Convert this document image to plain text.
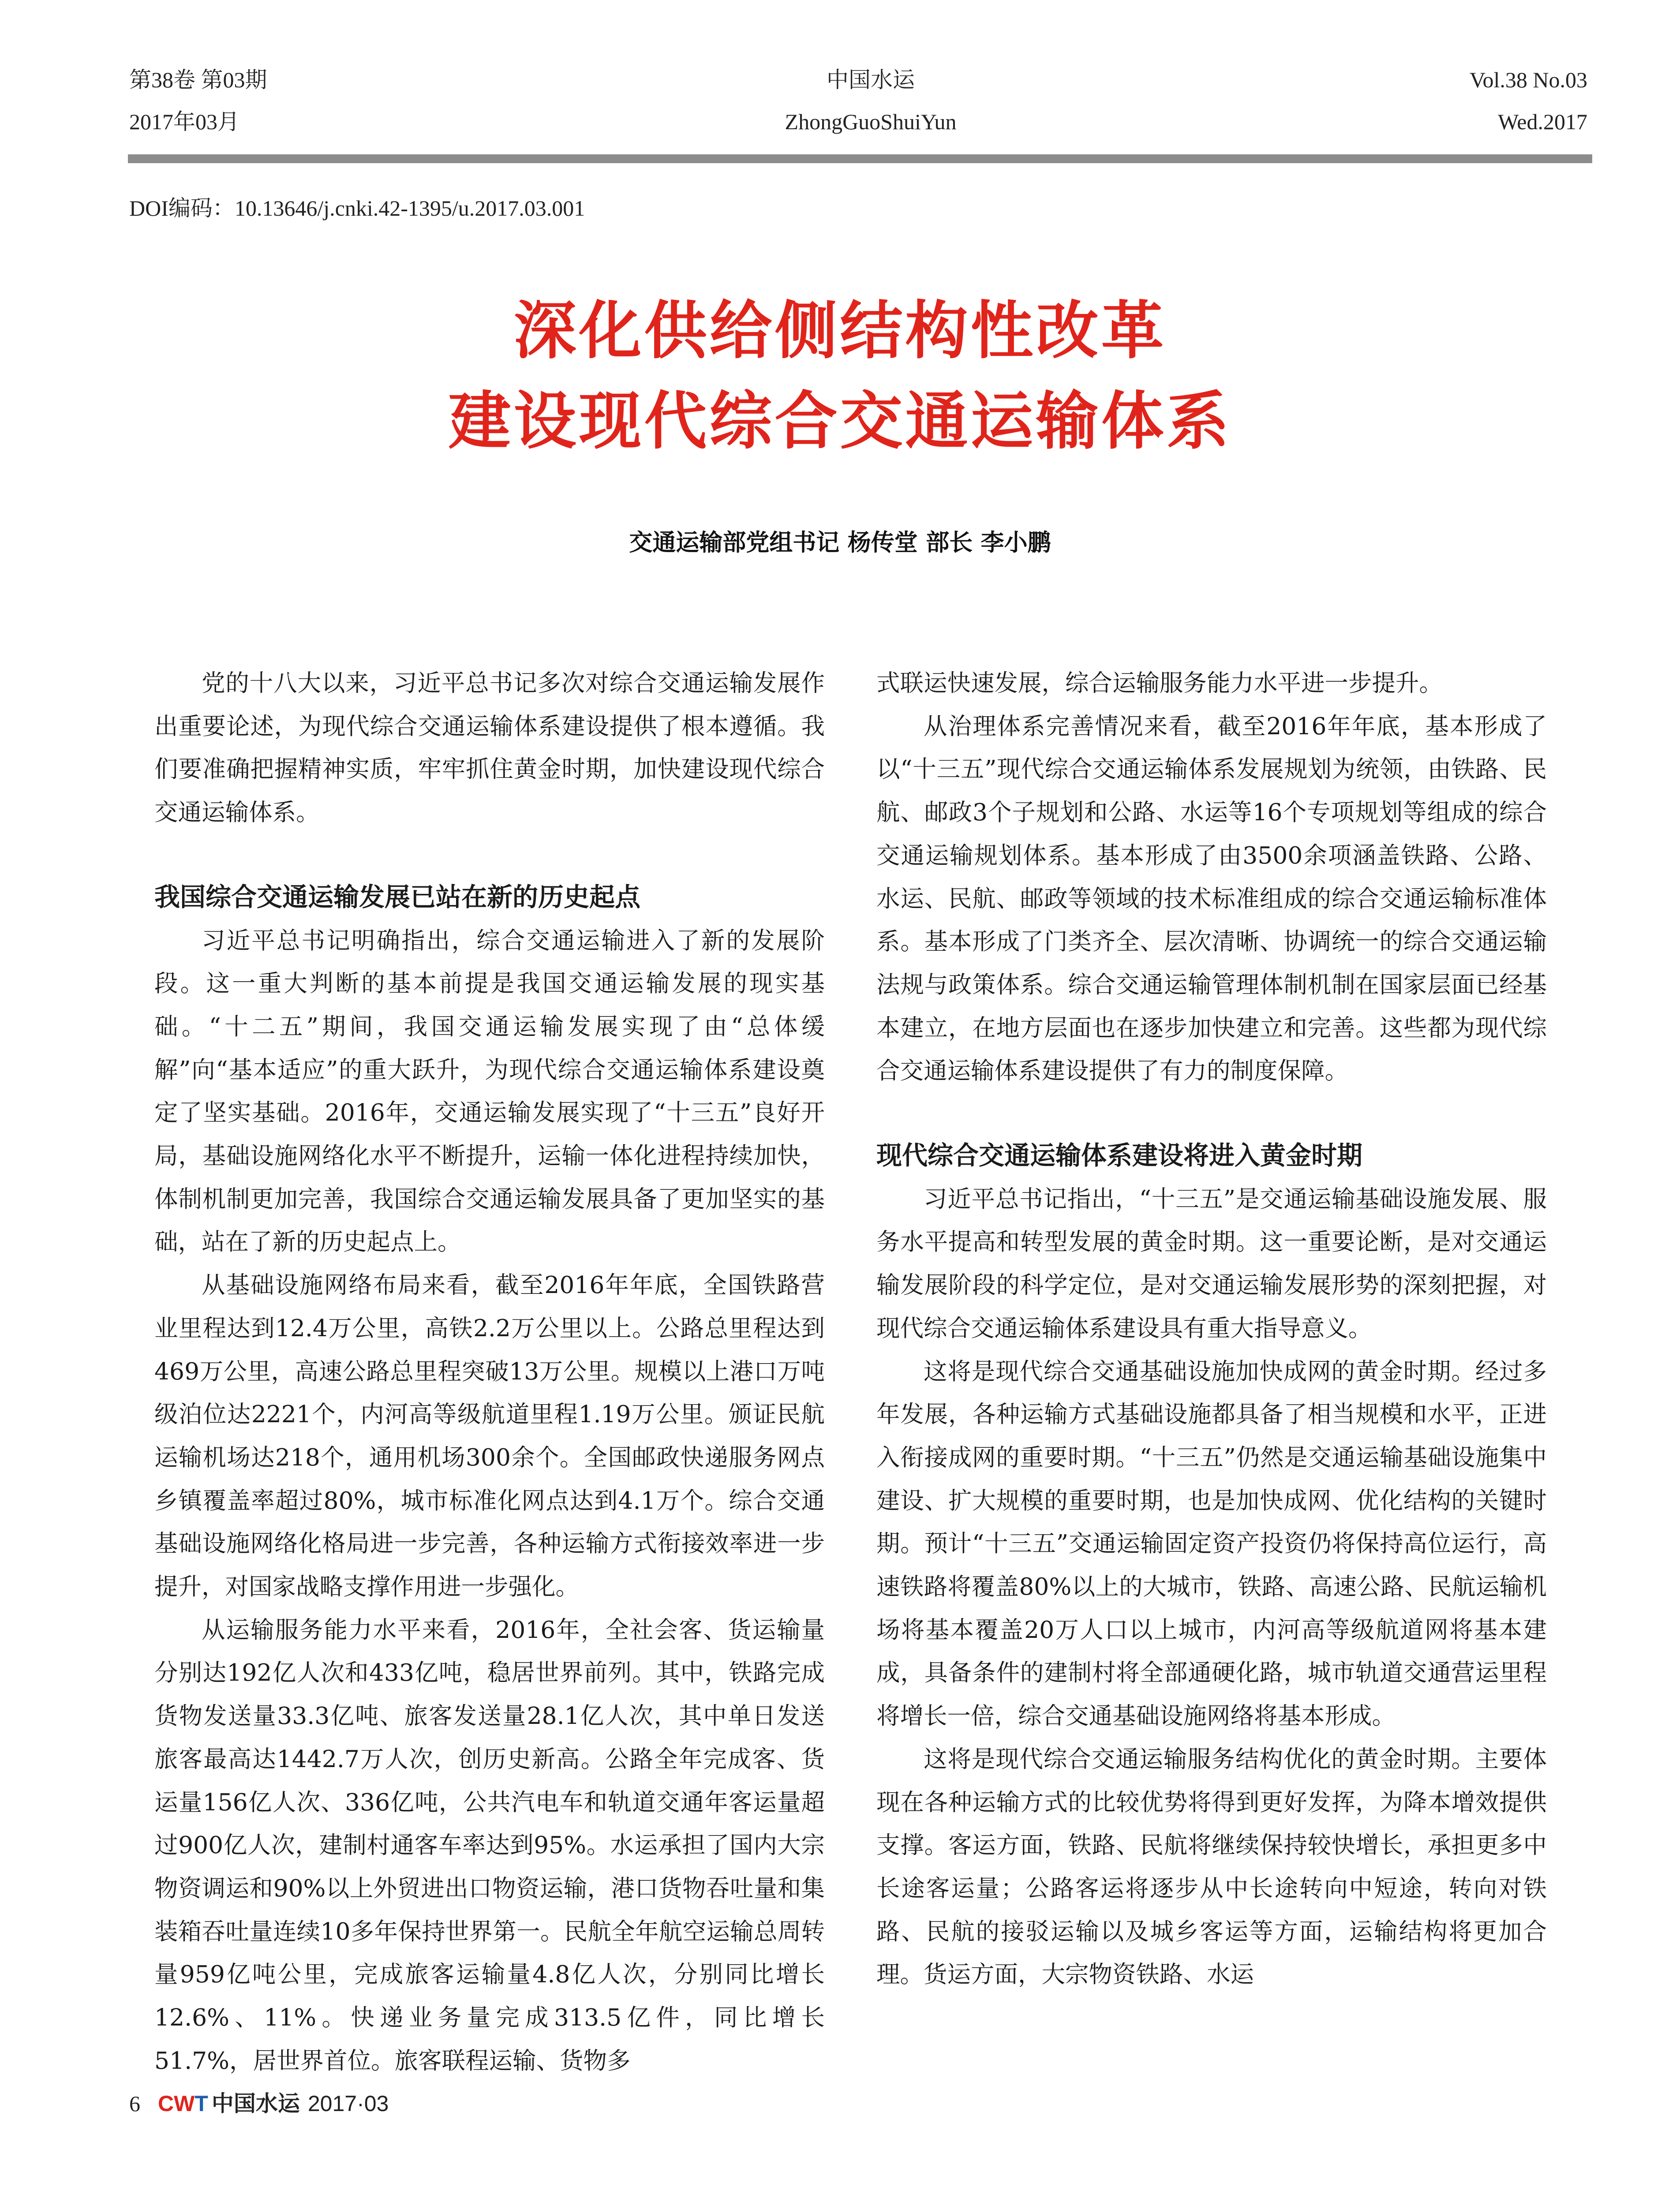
第38卷 第03期
2017年03月
中国水运
ZhongGuoShuiYun
Vol.38 No.03
Wed.2017
DOI编码：10.13646/j.cnki.42-1395/u.2017.03.001
深化供给侧结构性改革
建设现代综合交通运输体系
交通运输部党组书记 杨传堂 部长 李小鹏

党的十八大以来，习近平总书记多次对综合交通运输发展作出重要论述，为现代综合交通运输体系建设提供了根本遵循。我们要准确把握精神实质，牢牢抓住黄金时期，加快建设现代综合交通运输体系。

我国综合交通运输发展已站在新的历史起点

习近平总书记明确指出，综合交通运输进入了新的发展阶段。这一重大判断的基本前提是我国交通运输发展的现实基础。“十二五”期间，我国交通运输发展实现了由“总体缓解”向“基本适应”的重大跃升，为现代综合交通运输体系建设奠定了坚实基础。2016年，交通运输发展实现了“十三五”良好开局，基础设施网络化水平不断提升，运输一体化进程持续加快，体制机制更加完善，我国综合交通运输发展具备了更加坚实的基础，站在了新的历史起点上。

从基础设施网络布局来看，截至2016年年底，全国铁路营业里程达到12.4万公里，高铁2.2万公里以上。公路总里程达到469万公里，高速公路总里程突破13万公里。规模以上港口万吨级泊位达2221个，内河高等级航道里程1.19万公里。颁证民航运输机场达218个，通用机场300余个。全国邮政快递服务网点乡镇覆盖率超过80%，城市标准化网点达到4.1万个。综合交通基础设施网络化格局进一步完善，各种运输方式衔接效率进一步提升，对国家战略支撑作用进一步强化。

从运输服务能力水平来看，2016年，全社会客、货运输量分别达192亿人次和433亿吨，稳居世界前列。其中，铁路完成货物发送量33.3亿吨、旅客发送量28.1亿人次，其中单日发送旅客最高达1442.7万人次，创历史新高。公路全年完成客、货运量156亿人次、336亿吨，公共汽电车和轨道交通年客运量超过900亿人次，建制村通客车率达到95%。水运承担了国内大宗物资调运和90%以上外贸进出口物资运输，港口货物吞吐量和集装箱吞吐量连续10多年保持世界第一。民航全年航空运输总周转量959亿吨公里，完成旅客运输量4.8亿人次，分别同比增长12.6%、11%。快递业务量完成313.5亿件，同比增长51.7%，居世界首位。旅客联程运输、货物多

式联运快速发展，综合运输服务能力水平进一步提升。

从治理体系完善情况来看，截至2016年年底，基本形成了以“十三五”现代综合交通运输体系发展规划为统领，由铁路、民航、邮政3个子规划和公路、水运等16个专项规划等组成的综合交通运输规划体系。基本形成了由3500余项涵盖铁路、公路、水运、民航、邮政等领域的技术标准组成的综合交通运输标准体系。基本形成了门类齐全、层次清晰、协调统一的综合交通运输法规与政策体系。综合交通运输管理体制机制在国家层面已经基本建立，在地方层面也在逐步加快建立和完善。这些都为现代综合交通运输体系建设提供了有力的制度保障。

现代综合交通运输体系建设将进入黄金时期

习近平总书记指出，“十三五”是交通运输基础设施发展、服务水平提高和转型发展的黄金时期。这一重要论断，是对交通运输发展阶段的科学定位，是对交通运输发展形势的深刻把握，对现代综合交通运输体系建设具有重大指导意义。

这将是现代综合交通基础设施加快成网的黄金时期。经过多年发展，各种运输方式基础设施都具备了相当规模和水平，正进入衔接成网的重要时期。“十三五”仍然是交通运输基础设施集中建设、扩大规模的重要时期，也是加快成网、优化结构的关键时期。预计“十三五”交通运输固定资产投资仍将保持高位运行，高速铁路将覆盖80%以上的大城市，铁路、高速公路、民航运输机场将基本覆盖20万人口以上城市，内河高等级航道网将基本建成，具备条件的建制村将全部通硬化路，城市轨道交通营运里程将增长一倍，综合交通基础设施网络将基本形成。

这将是现代综合交通运输服务结构优化的黄金时期。主要体现在各种运输方式的比较优势将得到更好发挥，为降本增效提供支撑。客运方面，铁路、民航将继续保持较快增长，承担更多中长途客运量；公路客运将逐步从中长途转向中短途，转向对铁路、民航的接驳运输以及城乡客运等方面，运输结构将更加合理。货运方面，大宗物资铁路、水运

6 CWT 中国水运 2017·03
